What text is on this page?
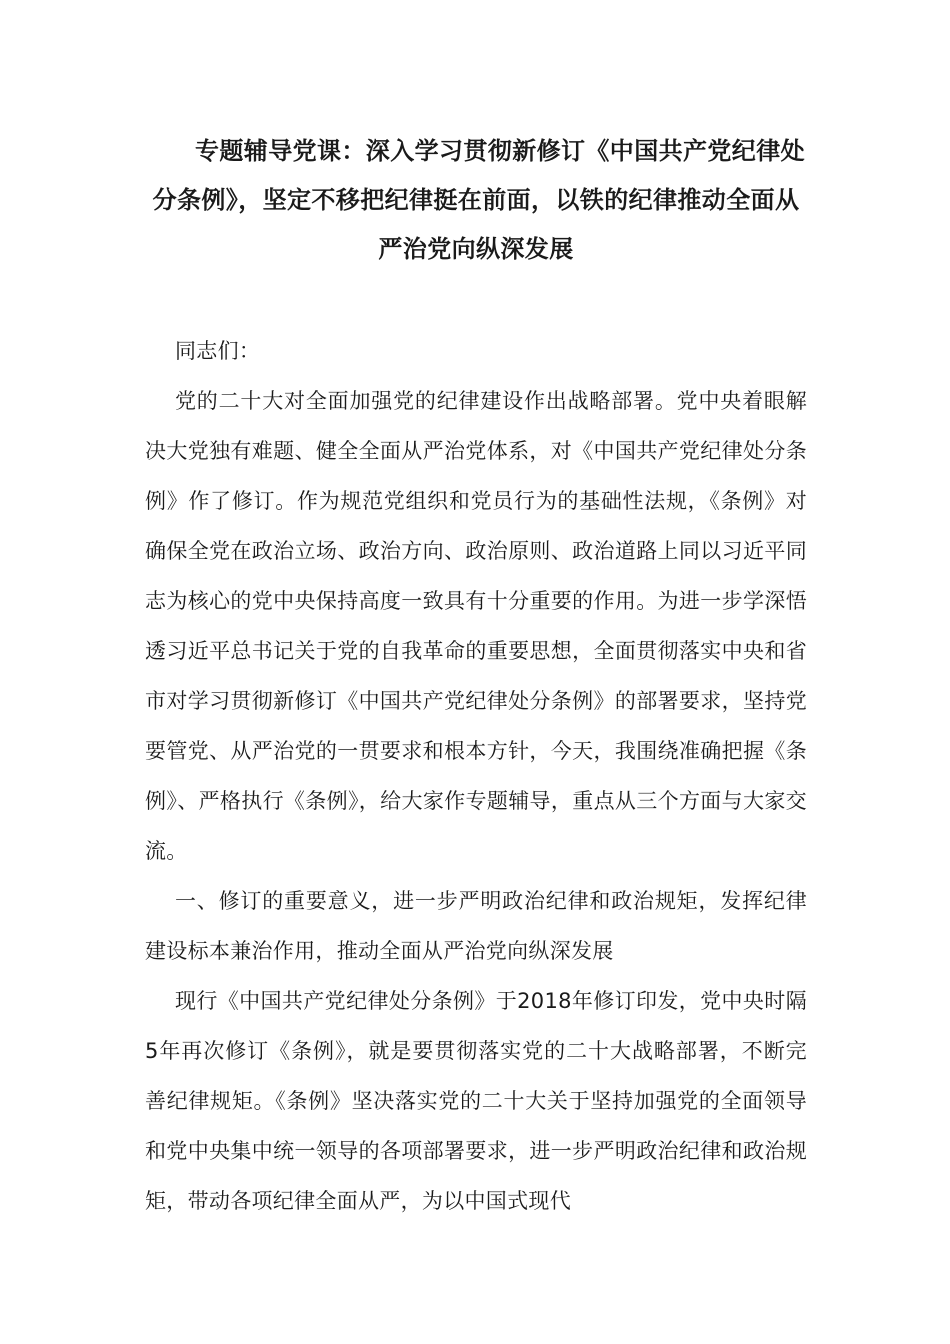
专题辅导党课：深入学习贯彻新修订《中国共产党纪律处分条例》，坚定不移把纪律挺在前面，以铁的纪律推动全面从严治党向纵深发展

同志们：

党的二十大对全面加强党的纪律建设作出战略部署。党中央着眼解决大党独有难题、健全全面从严治党体系，对《中国共产党纪律处分条例》作了修订。作为规范党组织和党员行为的基础性法规，《条例》对确保全党在政治立场、政治方向、政治原则、政治道路上同以习近平同志为核心的党中央保持高度一致具有十分重要的作用。为进一步学深悟透习近平总书记关于党的自我革命的重要思想，全面贯彻落实中央和省市对学习贯彻新修订《中国共产党纪律处分条例》的部署要求，坚持党要管党、从严治党的一贯要求和根本方针，今天，我围绕准确把握《条例》、严格执行《条例》，给大家作专题辅导，重点从三个方面与大家交流。

一、修订的重要意义，进一步严明政治纪律和政治规矩，发挥纪律建设标本兼治作用，推动全面从严治党向纵深发展

现行《中国共产党纪律处分条例》于2018年修订印发，党中央时隔5年再次修订《条例》，就是要贯彻落实党的二十大战略部署，不断完善纪律规矩。《条例》坚决落实党的二十大关于坚持加强党的全面领导和党中央集中统一领导的各项部署要求，进一步严明政治纪律和政治规矩，带动各项纪律全面从严，为以中国式现代
